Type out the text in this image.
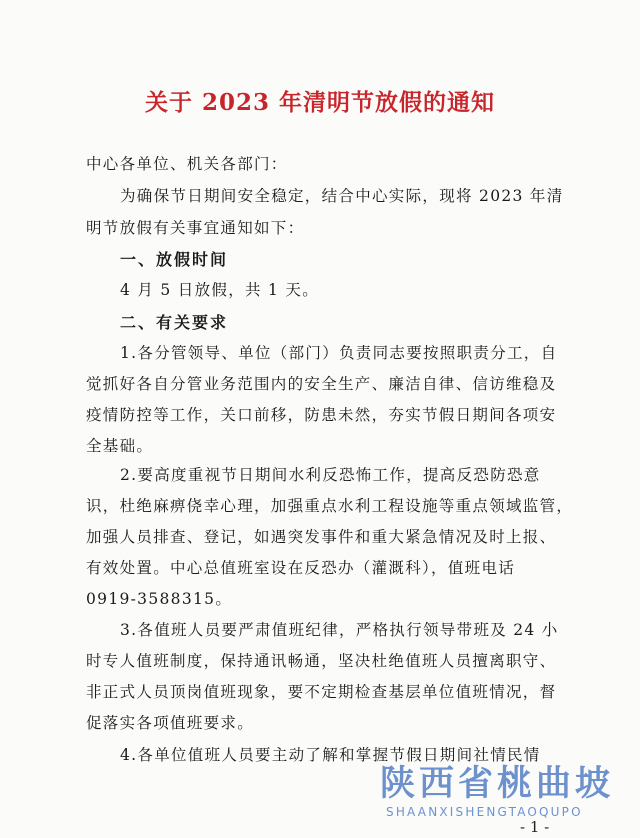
关于 2023 年清明节放假的通知
中心各单位、机关各部门：
为确保节日期间安全稳定，结合中心实际，现将 2023 年清
明节放假有关事宜通知如下：
一、放假时间
4 月 5 日放假，共 1 天。
二、有关要求
1.各分管领导、单位（部门）负责同志要按照职责分工，自
觉抓好各自分管业务范围内的安全生产、廉洁自律、信访维稳及
疫情防控等工作，关口前移，防患未然，夯实节假日期间各项安
全基础。
2.要高度重视节日期间水利反恐怖工作，提高反恐防恐意
识，杜绝麻痹侥幸心理，加强重点水利工程设施等重点领域监管，
加强人员排查、登记，如遇突发事件和重大紧急情况及时上报、
有效处置。中心总值班室设在反恐办（灌溉科），值班电话
0919-3588315。
3.各值班人员要严肃值班纪律，严格执行领导带班及 24 小
时专人值班制度，保持通讯畅通，坚决杜绝值班人员擅离职守、
非正式人员顶岗值班现象，要不定期检查基层单位值班情况，督
促落实各项值班要求。
4.各单位值班人员要主动了解和掌握节假日期间社情民情
陕西省桃曲坡
SHAANXISHENGTAOQUPO
- 1 -
